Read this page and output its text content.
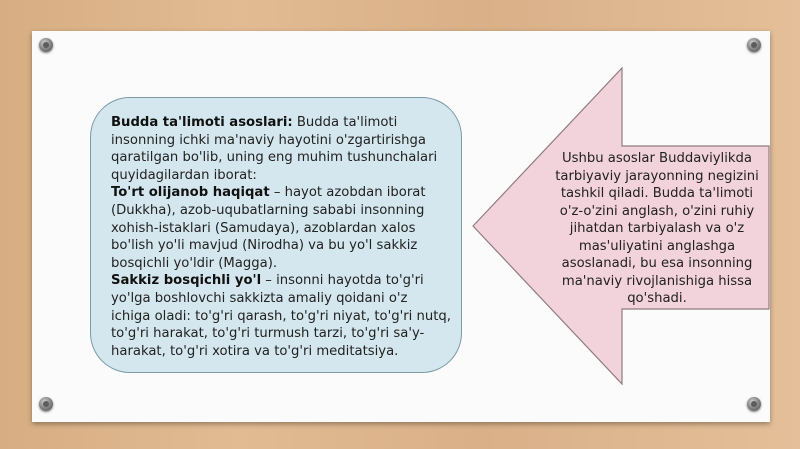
Budda ta'limoti asoslari: Budda ta'limoti insonning ichki ma'naviy hayotini o'zgartirishga qaratilgan bo'lib, uning eng muhim tushunchalari quyidagilardan iborat:
To'rt olijanob haqiqat – hayot azobdan iborat (Dukkha), azob-uqubatlarning sababi insonning xohish-istaklari (Samudaya), azoblardan xalos bo'lish yo'li mavjud (Nirodha) va bu yo'l sakkiz bosqichli yo'ldir (Magga).
Sakkiz bosqichli yo'l – insonni hayotda to'g'ri yo'lga boshlovchi sakkizta amaliy qoidani o'z ichiga oladi: to'g'ri qarash, to'g'ri niyat, to'g'ri nutq, to'g'ri harakat, to'g'ri turmush tarzi, to'g'ri sa'y-harakat, to'g'ri xotira va to'g'ri meditatsiya.

Ushbu asoslar Buddaviylikda tarbiyaviy jarayonning negizini tashkil qiladi. Budda ta'limoti o'z-o'zini anglash, o'zini ruhiy jihatdan tarbiyalash va o'z mas'uliyatini anglashga asoslanadi, bu esa insonning ma'naviy rivojlanishiga hissa qo'shadi.
